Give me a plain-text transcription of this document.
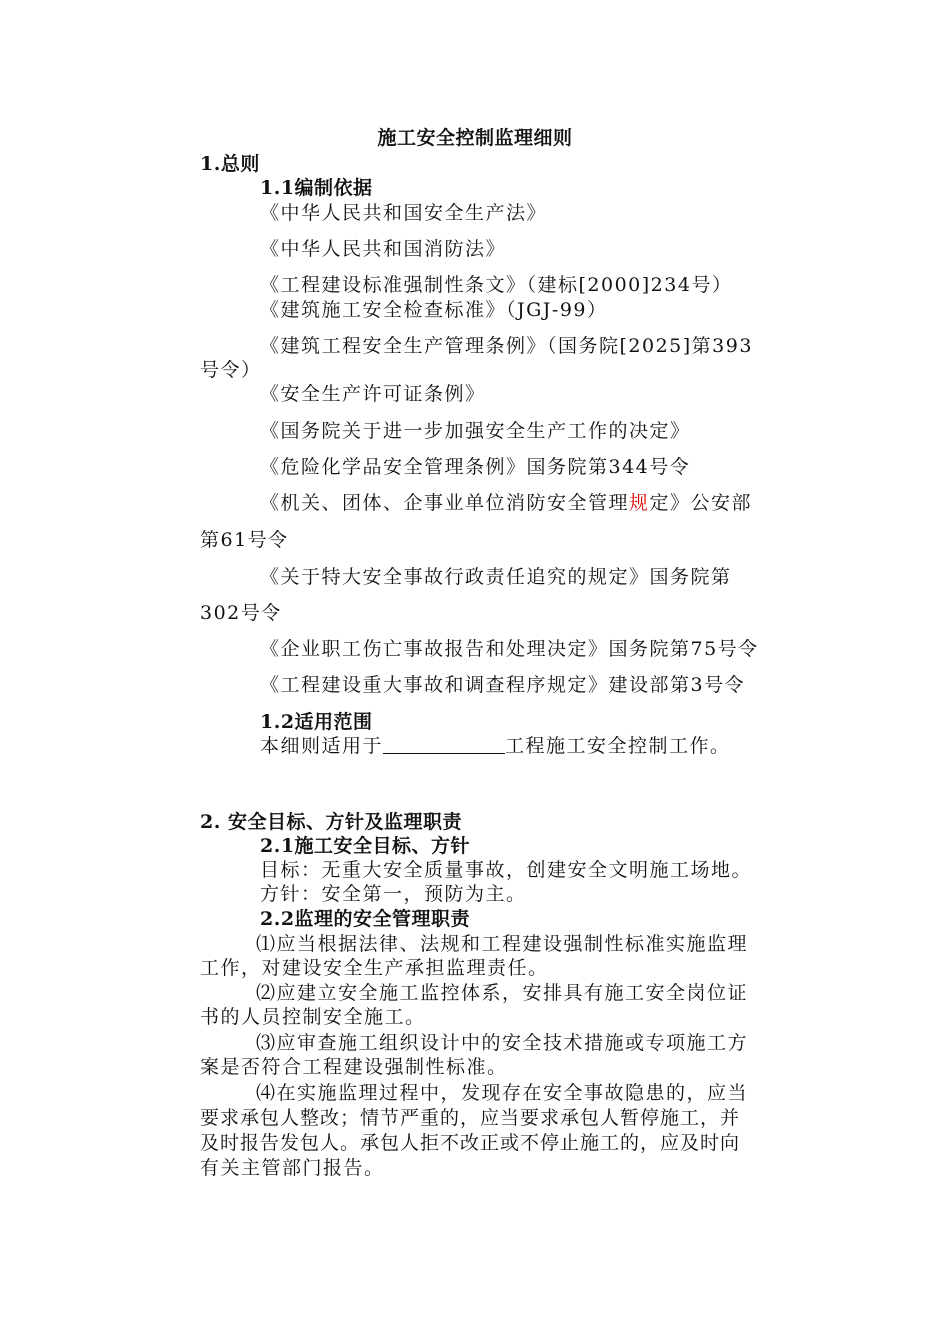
施工安全控制监理细则
1.总则
1.1编制依据
《中华人民共和国安全生产法》
《中华人民共和国消防法》
《工程建设标准强制性条文》（建标[2000]234号）
《建筑施工安全检查标准》（JGJ-99）
《建筑工程安全生产管理条例》（国务院[2025]第393
号令）
《安全生产许可证条例》
《国务院关于进一步加强安全生产工作的决定》
《危险化学品安全管理条例》国务院第344号令
《机关、团体、企事业单位消防安全管理规定》公安部
第61号令
《关于特大安全事故行政责任追究的规定》国务院第
302号令
《企业职工伤亡事故报告和处理决定》国务院第75号令
《工程建设重大事故和调查程序规定》建设部第3号令
1.2适用范围
本细则适用于	工程施工安全控制工作。
2. 安全目标、方针及监理职责
2.1施工安全目标、方针
目标：无重大安全质量事故，创建安全文明施工场地。
方针：安全第一，预防为主。
2.2监理的安全管理职责
⑴应当根据法律、法规和工程建设强制性标准实施监理
工作，对建设安全生产承担监理责任。
⑵应建立安全施工监控体系，安排具有施工安全岗位证
书的人员控制安全施工。
⑶应审查施工组织设计中的安全技术措施或专项施工方
案是否符合工程建设强制性标准。
⑷在实施监理过程中，发现存在安全事故隐患的，应当
要求承包人整改；情节严重的，应当要求承包人暂停施工，并
及时报告发包人。承包人拒不改正或不停止施工的，应及时向
有关主管部门报告。
